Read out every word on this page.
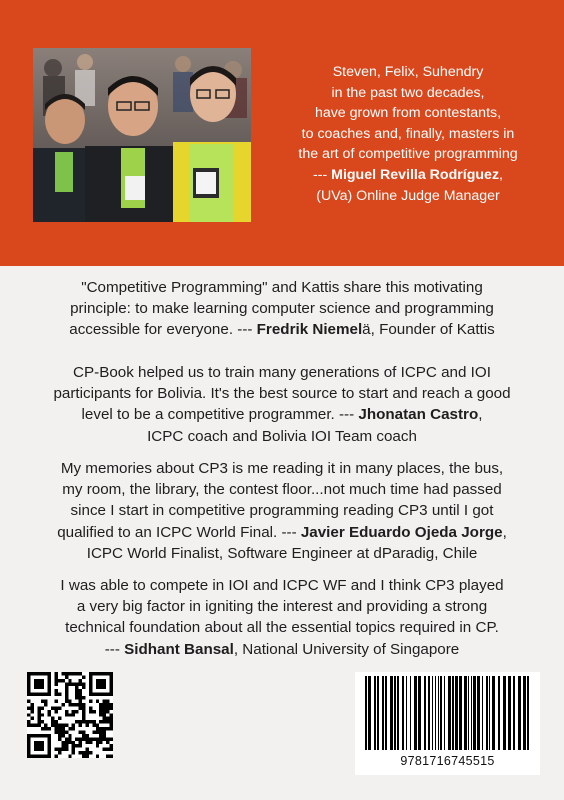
Steven, Felix, Suhendry
in the past two decades,
have grown from contestants,
to coaches and, finally, masters in
the art of competitive programming
--- Miguel Revilla Rodríguez,
(UVa) Online Judge Manager
"Competitive Programming" and Kattis share this motivating
principle: to make learning computer science and programming
accessible for everyone. --- Fredrik Niemelä, Founder of Kattis
CP-Book helped us to train many generations of ICPC and IOI
participants for Bolivia. It's the best source to start and reach a good
level to be a competitive programmer. --- Jhonatan Castro,
ICPC coach and Bolivia IOI Team coach
My memories about CP3 is me reading it in many places, the bus,
my room, the library, the contest floor...not much time had passed
since I start in competitive programming reading CP3 until I got
qualified to an ICPC World Final. --- Javier Eduardo Ojeda Jorge,
ICPC World Finalist, Software Engineer at dParadig, Chile
I was able to compete in IOI and ICPC WF and I think CP3 played
a very big factor in igniting the interest and providing a strong
technical foundation about all the essential topics required in CP.
--- Sidhant Bansal, National University of Singapore
9781716745515
